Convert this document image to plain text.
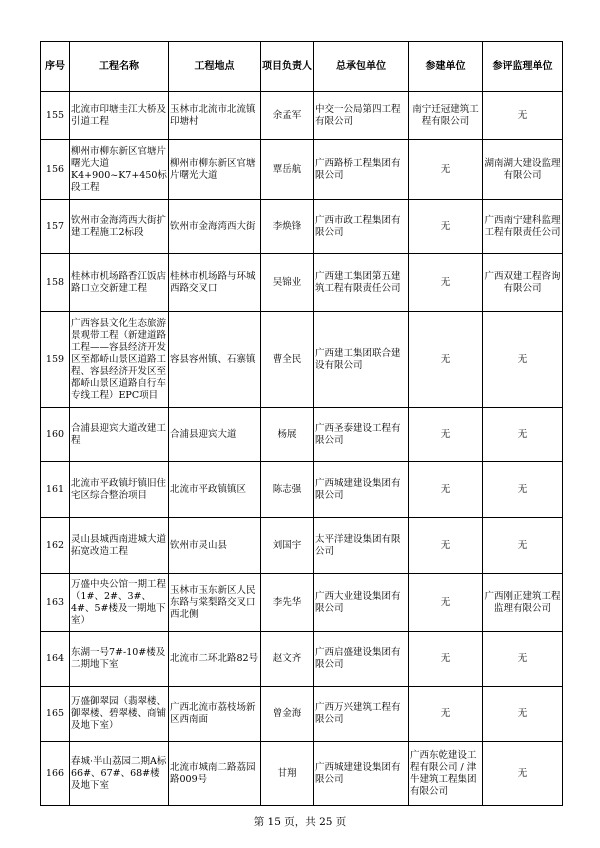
序号	工程名称	工程地点	项目负责人	总承包单位	参建单位	参评监理单位
155	北流市印塘圭江大桥及引道工程	玉林市北流市北流镇印塘村	余孟军	中交一公局第四工程有限公司	南宁迁冠建筑工程有限公司	无
156	柳州市柳东新区官塘片曙光大道K4+900~K7+450标段工程	柳州市柳东新区官塘片曙光大道	覃岳航	广西路桥工程集团有限公司	无	湖南湖大建设监理有限公司
157	钦州市金海湾西大街扩建工程施工2标段	钦州市金海湾西大街	李焕锋	广西市政工程集团有限公司	无	广西南宁建科监理工程有限责任公司
158	桂林市机场路香江饭店路口立交新建工程	桂林市机场路与环城西路交叉口	吴锦业	广西建工集团第五建筑工程有限责任公司	无	广西双建工程咨询有限公司
159	广西容县文化生态旅游景观带工程（新建道路工程——容县经济开发区至都峤山景区道路工程、容县经济开发区至都峤山景区道路自行车专线工程）EPC项目	容县容州镇、石寨镇	曹全民	广西建工集团联合建设有限公司	无	无
160	合浦县迎宾大道改建工程	合浦县迎宾大道	杨展	广西圣泰建设工程有限公司	无	无
161	北流市平政镇圩镇旧住宅区综合整治项目	北流市平政镇镇区	陈志强	广西城建建设集团有限公司	无	无
162	灵山县城西南进城大道拓宽改造工程	钦州市灵山县	刘国宇	太平洋建设集团有限公司	无	无
163	万盛中央公馆一期工程（1#、2#、3#、4#、5#楼及一期地下室）	玉林市玉东新区人民东路与棠梨路交叉口西北侧	李先华	广西大业建设集团有限公司	无	广西刚正建筑工程监理有限公司
164	东湖一号7#-10#楼及二期地下室	北流市二环北路82号	赵文齐	广西启盛建设集团有限公司	无	无
165	万盛御翠园（翡翠楼、御翠楼、碧翠楼、商铺及地下室）	广西北流市荔枝场新区西南面	曾金海	广西万兴建筑工程有限公司	无	无
166	春城·半山荔园二期A标66#、67#、68#楼及地下室	北流市城南二路荔园路009号	甘翔	广西城建建设集团有限公司	广西东乾建设工程有限公司 / 津牛建筑工程集团有限公司	无
第 15 页，共 25 页
